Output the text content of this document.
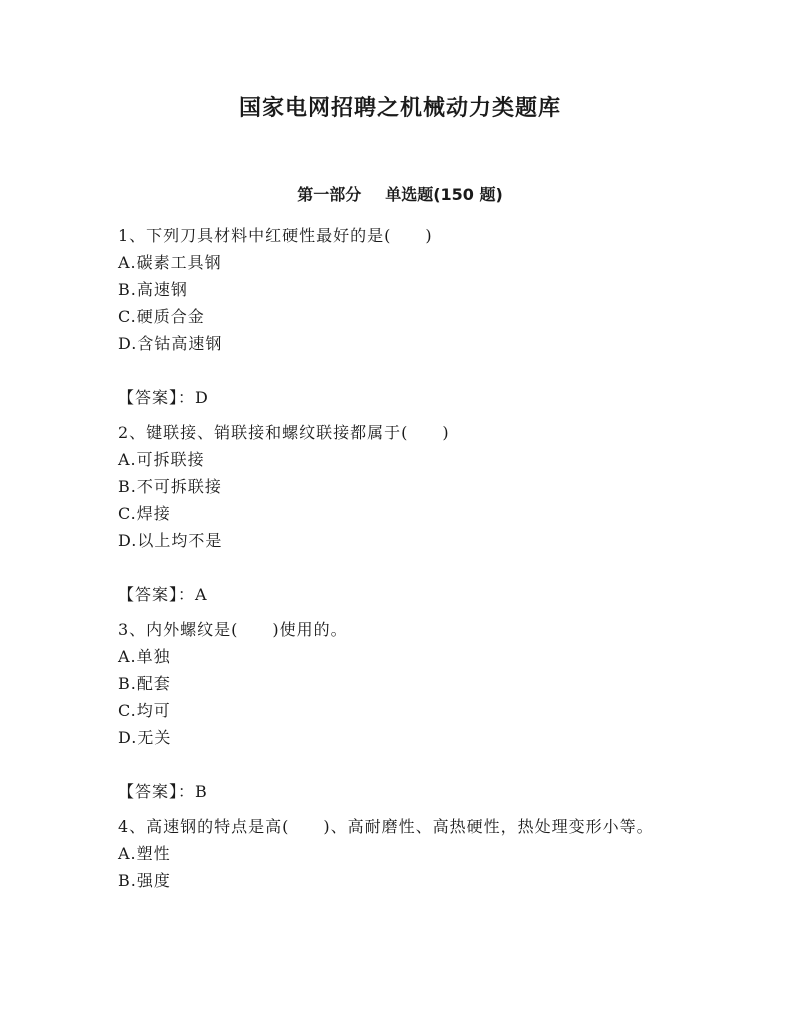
国家电网招聘之机械动力类题库
第一部分 单选题(150 题)
1、下列刀具材料中红硬性最好的是(　　)
A.碳素工具钢
B.高速钢
C.硬质合金
D.含钴高速钢
【答案】：D
2、键联接、销联接和螺纹联接都属于(　　)
A.可拆联接
B.不可拆联接
C.焊接
D.以上均不是
【答案】：A
3、内外螺纹是(　　)使用的。
A.单独
B.配套
C.均可
D.无关
【答案】：B
4、高速钢的特点是高(　　)、高耐磨性、高热硬性，热处理变形小等。
A.塑性
B.强度
